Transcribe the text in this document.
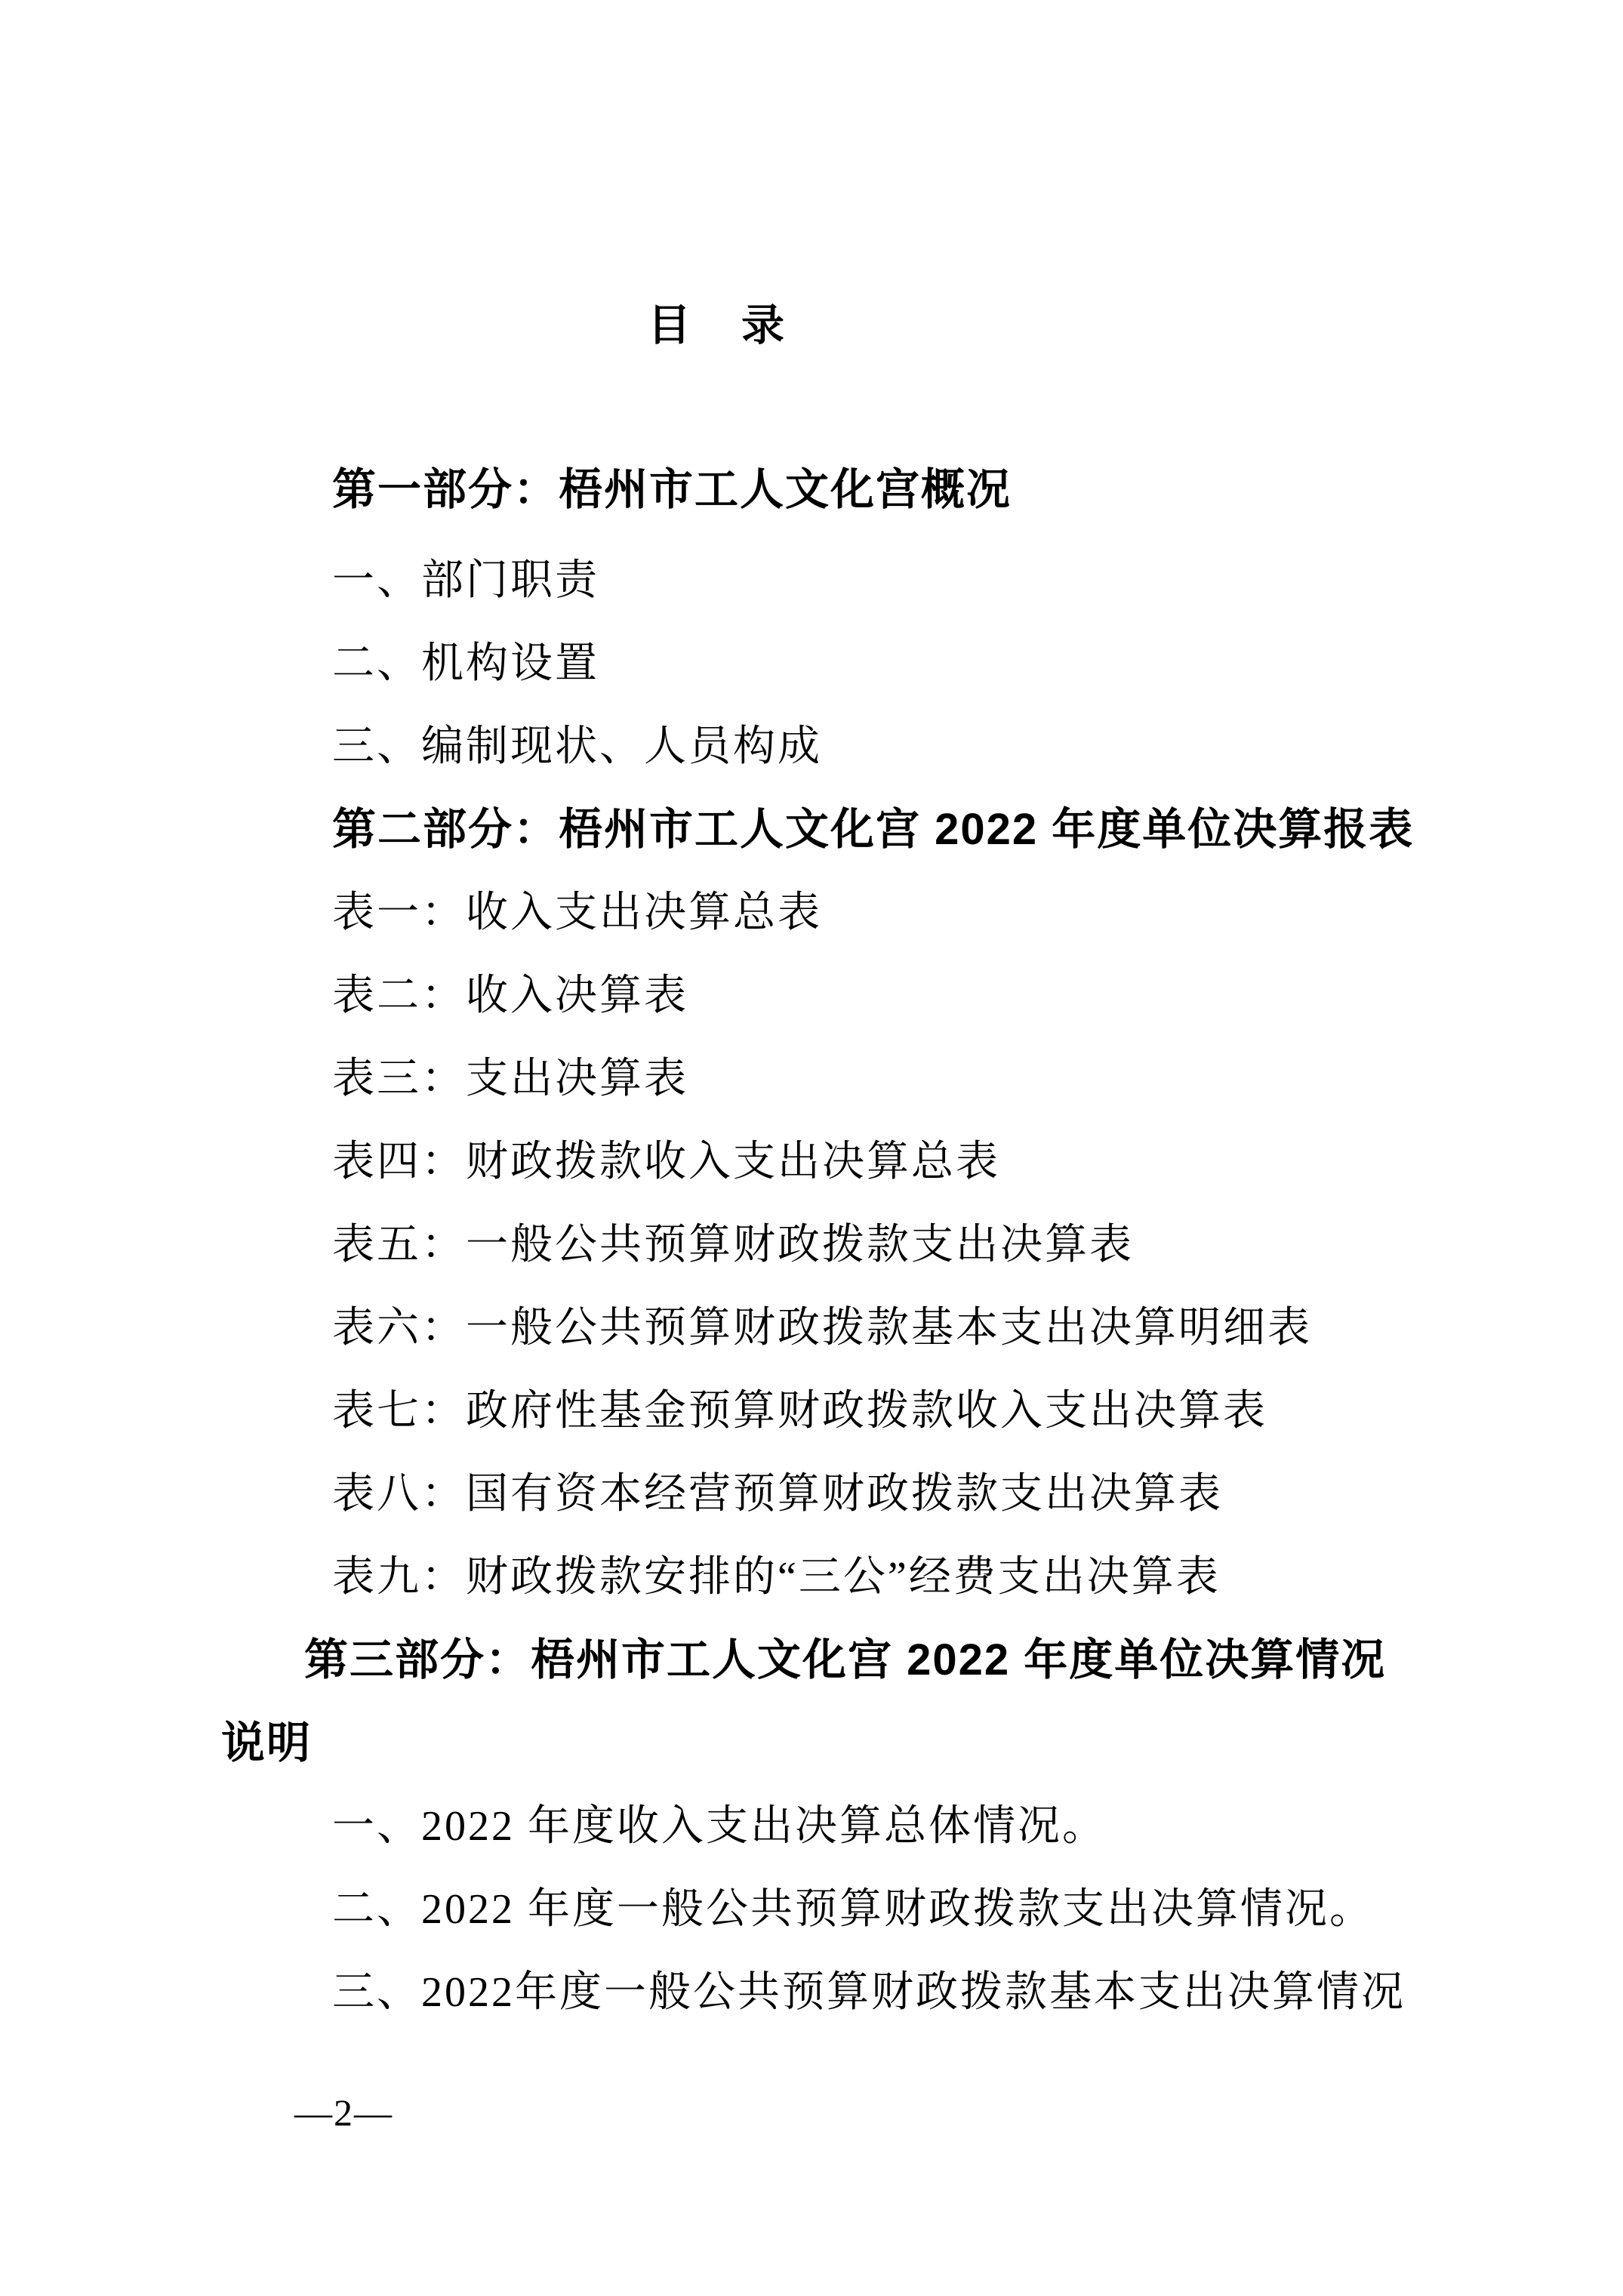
目　录
第一部分：梧州市工人文化宫概况
一、部门职责
二、机构设置
三、编制现状、人员构成
第二部分：梧州市工人文化宫 2022 年度单位决算报表
表一：收入支出决算总表
表二：收入决算表
表三：支出决算表
表四：财政拨款收入支出决算总表
表五：一般公共预算财政拨款支出决算表
表六：一般公共预算财政拨款基本支出决算明细表
表七：政府性基金预算财政拨款收入支出决算表
表八：国有资本经营预算财政拨款支出决算表
表九：财政拨款安排的“三公”经费支出决算表
第三部分：梧州市工人文化宫 2022 年度单位决算情况
说明
一、2022 年度收入支出决算总体情况。
二、2022 年度一般公共预算财政拨款支出决算情况。
三、2022年度一般公共预算财政拨款基本支出决算情况
—2—
